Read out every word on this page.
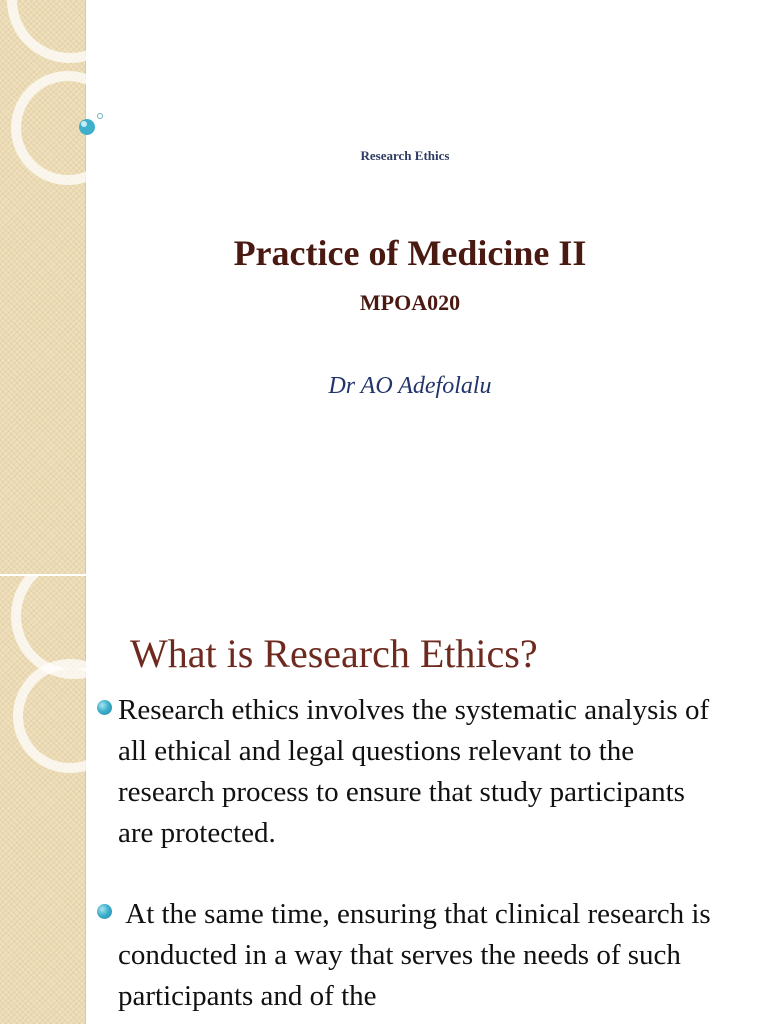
Research Ethics
Practice of Medicine II
MPOA020
Dr AO Adefolalu
What is Research Ethics?
Research ethics involves the systematic analysis of all ethical and legal questions relevant to the research process to ensure that study participants are protected.
At the same time, ensuring that clinical research is conducted in a way that serves the needs of such participants and of the
